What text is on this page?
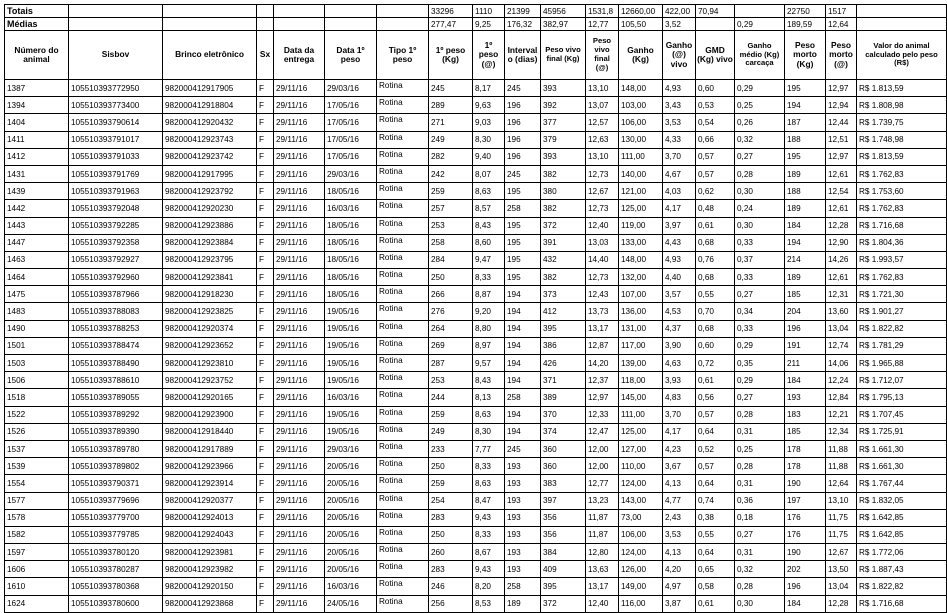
Totais							33296	1110	21399	45956	1531,8	12660,00	422,00	70,94		22750	1517	
Médias							277,47	9,25	176,32	382,97	12,77	105,50	3,52		0,29	189,59	12,64	
Número do animal	Sisbov	Brinco eletrônico	Sx	Data da entrega	Data 1º peso	Tipo 1º peso	1º peso (Kg)	1º peso (@)	Interval o (dias)	Peso vivo final (Kg)	Peso vivo final (@)	Ganho (Kg)	Ganho (@) vivo	GMD (Kg) vivo	Ganho médio (Kg) carcaça	Peso morto (Kg)	Peso morto (@)	Valor do animal calculado pelo peso (R$)
1387	105510393772950	982000412917905	F	29/11/16	29/03/16	Rotina	245	8,17	245	393	13,10	148,00	4,93	0,60	0,29	195	12,97	R$ 1.813,59
1394	105510393773400	982000412918804	F	29/11/16	17/05/16	Rotina	289	9,63	196	392	13,07	103,00	3,43	0,53	0,25	194	12,94	R$ 1.808,98
1404	105510393790614	982000412920432	F	29/11/16	17/05/16	Rotina	271	9,03	196	377	12,57	106,00	3,53	0,54	0,26	187	12,44	R$ 1.739,75
1411	105510393791017	982000412923743	F	29/11/16	17/05/16	Rotina	249	8,30	196	379	12,63	130,00	4,33	0,66	0,32	188	12,51	R$ 1.748,98
1412	105510393791033	982000412923742	F	29/11/16	17/05/16	Rotina	282	9,40	196	393	13,10	111,00	3,70	0,57	0,27	195	12,97	R$ 1.813,59
1431	105510393791769	982000412917995	F	29/11/16	29/03/16	Rotina	242	8,07	245	382	12,73	140,00	4,67	0,57	0,28	189	12,61	R$ 1.762,83
1439	105510393791963	982000412923792	F	29/11/16	18/05/16	Rotina	259	8,63	195	380	12,67	121,00	4,03	0,62	0,30	188	12,54	R$ 1.753,60
1442	105510393792048	982000412920230	F	29/11/16	16/03/16	Rotina	257	8,57	258	382	12,73	125,00	4,17	0,48	0,24	189	12,61	R$ 1.762,83
1443	105510393792285	982000412923886	F	29/11/16	18/05/16	Rotina	253	8,43	195	372	12,40	119,00	3,97	0,61	0,30	184	12,28	R$ 1.716,68
1447	105510393792358	982000412923884	F	29/11/16	18/05/16	Rotina	258	8,60	195	391	13,03	133,00	4,43	0,68	0,33	194	12,90	R$ 1.804,36
1463	105510393792927	982000412923795	F	29/11/16	18/05/16	Rotina	284	9,47	195	432	14,40	148,00	4,93	0,76	0,37	214	14,26	R$ 1.993,57
1464	105510393792960	982000412923841	F	29/11/16	18/05/16	Rotina	250	8,33	195	382	12,73	132,00	4,40	0,68	0,33	189	12,61	R$ 1.762,83
1475	105510393787966	982000412918230	F	29/11/16	18/05/16	Rotina	266	8,87	194	373	12,43	107,00	3,57	0,55	0,27	185	12,31	R$ 1.721,30
1483	105510393788083	982000412923825	F	29/11/16	19/05/16	Rotina	276	9,20	194	412	13,73	136,00	4,53	0,70	0,34	204	13,60	R$ 1.901,27
1490	105510393788253	982000412920374	F	29/11/16	19/05/16	Rotina	264	8,80	194	395	13,17	131,00	4,37	0,68	0,33	196	13,04	R$ 1.822,82
1501	105510393788474	982000412923652	F	29/11/16	19/05/16	Rotina	269	8,97	194	386	12,87	117,00	3,90	0,60	0,29	191	12,74	R$ 1.781,29
1503	105510393788490	982000412923810	F	29/11/16	19/05/16	Rotina	287	9,57	194	426	14,20	139,00	4,63	0,72	0,35	211	14,06	R$ 1.965,88
1506	105510393788610	982000412923752	F	29/11/16	19/05/16	Rotina	253	8,43	194	371	12,37	118,00	3,93	0,61	0,29	184	12,24	R$ 1.712,07
1518	105510393789055	982000412920165	F	29/11/16	16/03/16	Rotina	244	8,13	258	389	12,97	145,00	4,83	0,56	0,27	193	12,84	R$ 1.795,13
1522	105510393789292	982000412923900	F	29/11/16	19/05/16	Rotina	259	8,63	194	370	12,33	111,00	3,70	0,57	0,28	183	12,21	R$ 1.707,45
1526	105510393789390	982000412918440	F	29/11/16	19/05/16	Rotina	249	8,30	194	374	12,47	125,00	4,17	0,64	0,31	185	12,34	R$ 1.725,91
1537	105510393789780	982000412917889	F	29/11/16	29/03/16	Rotina	233	7,77	245	360	12,00	127,00	4,23	0,52	0,25	178	11,88	R$ 1.661,30
1539	105510393789802	982000412923966	F	29/11/16	20/05/16	Rotina	250	8,33	193	360	12,00	110,00	3,67	0,57	0,28	178	11,88	R$ 1.661,30
1554	105510393790371	982000412923914	F	29/11/16	20/05/16	Rotina	259	8,63	193	383	12,77	124,00	4,13	0,64	0,31	190	12,64	R$ 1.767,44
1577	105510393779696	982000412920377	F	29/11/16	20/05/16	Rotina	254	8,47	193	397	13,23	143,00	4,77	0,74	0,36	197	13,10	R$ 1.832,05
1578	105510393779700	982000412924013	F	29/11/16	20/05/16	Rotina	283	9,43	193	356	11,87	73,00	2,43	0,38	0,18	176	11,75	R$ 1.642,85
1582	105510393779785	982000412924043	F	29/11/16	20/05/16	Rotina	250	8,33	193	356	11,87	106,00	3,53	0,55	0,27	176	11,75	R$ 1.642,85
1597	105510393780120	982000412923981	F	29/11/16	20/05/16	Rotina	260	8,67	193	384	12,80	124,00	4,13	0,64	0,31	190	12,67	R$ 1.772,06
1606	105510393780287	982000412923982	F	29/11/16	20/05/16	Rotina	283	9,43	193	409	13,63	126,00	4,20	0,65	0,32	202	13,50	R$ 1.887,43
1610	105510393780368	982000412920150	F	29/11/16	16/03/16	Rotina	246	8,20	258	395	13,17	149,00	4,97	0,58	0,28	196	13,04	R$ 1.822,82
1624	105510393780600	982000412923868	F	29/11/16	24/05/16	Rotina	256	8,53	189	372	12,40	116,00	3,87	0,61	0,30	184	12,28	R$ 1.716,68
